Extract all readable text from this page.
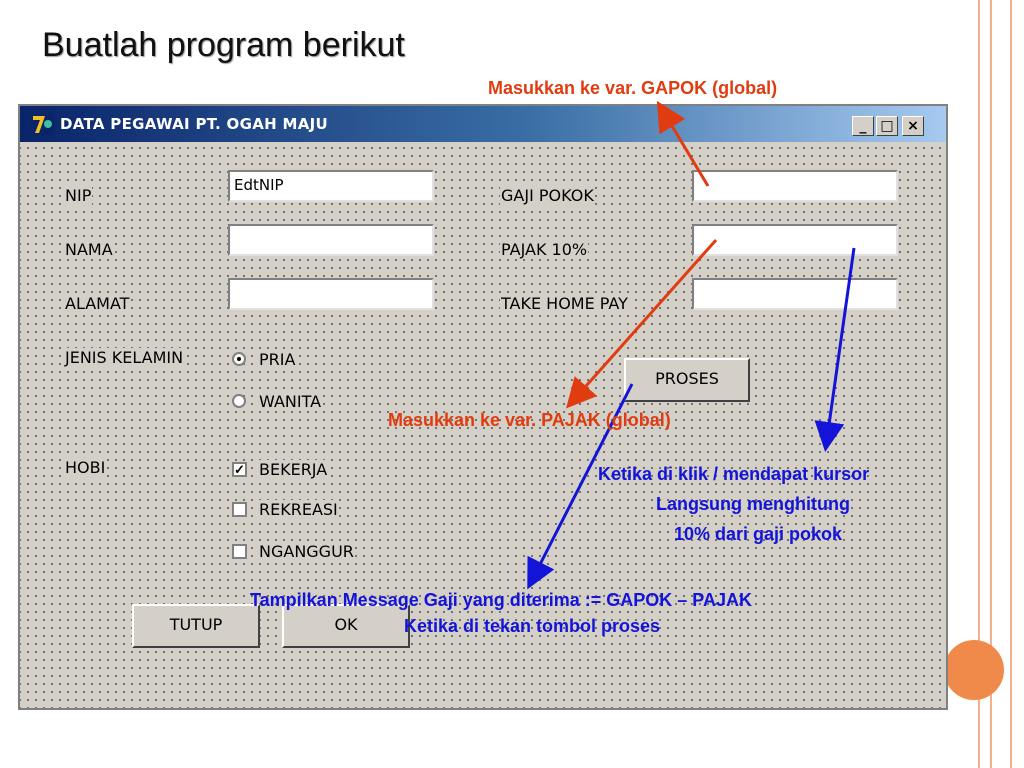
Buatlah program berikut
DATA PEGAWAI PT. OGAH MAJU	_ □ ×
NIP
EdtNIP
NAMA
ALAMAT
JENIS KELAMIN	PRIA
WANITA
HOBI	✓ BEKERJA
REKREASI
NGANGGUR
GAJI POKOK
PAJAK 10%
TAKE HOME PAY
PROSES
TUTUP	OK
Masukkan ke var. GAPOK (global)
Masukkan ke var. PAJAK (global)
Ketika di klik / mendapat kursor
Langsung menghitung
10% dari gaji pokok
Tampilkan Message Gaji yang diterima := GAPOK – PAJAK
Ketika di tekan tombol proses
